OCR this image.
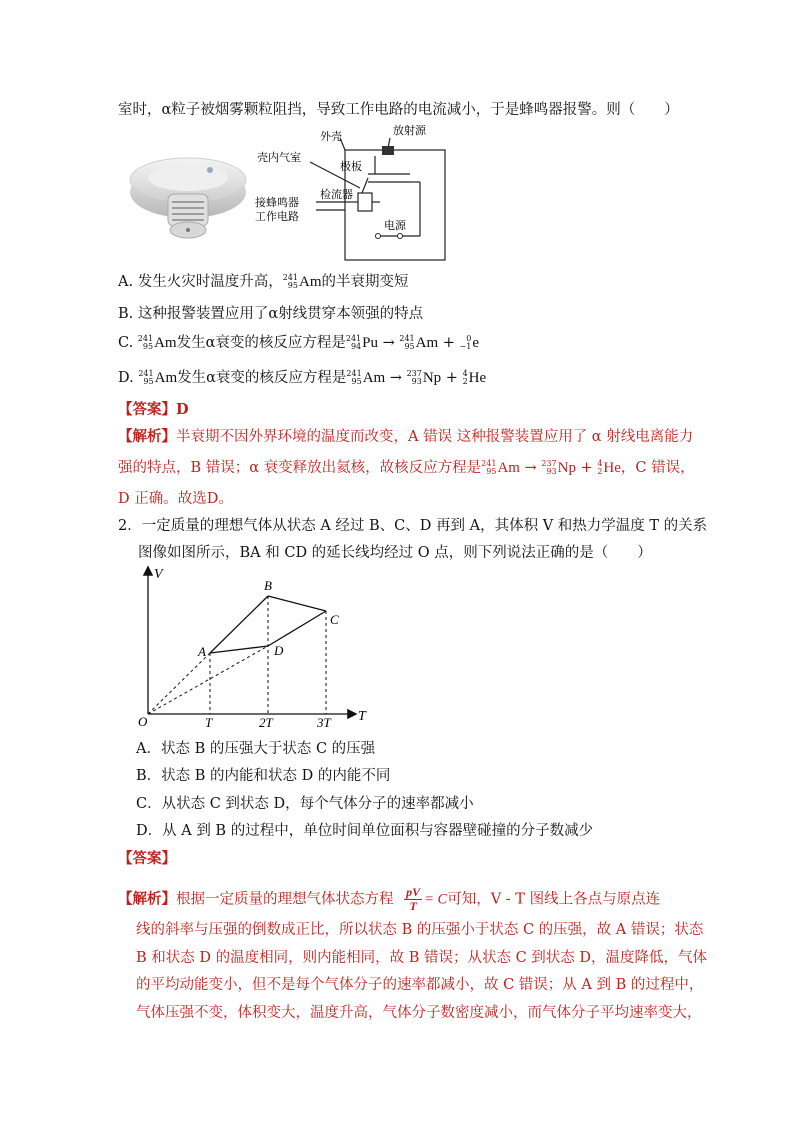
室时，α粒子被烟雾颗粒阻挡，导致工作电路的电流减小，于是蜂鸣器报警。则（　　）
外壳	放射源
壳内气室
极板
检流器
接蜂鸣器
工作电路
电源
A. 发生火灾时温度升高， 241
95 Am 的半衰期变短
B. 这种报警装置应用了α射线贯穿本领强的特点
C. 241
95 Am 发生α衰变的核反应方程是 241
94 Pu → 241
95 Am + 0
−1 e
D. 241
95 Am 发生α衰变的核反应方程是 241
95 Am → 237
93 Np + 4
2 He
【答案】D
【解析】半衰期不因外界环境的温度而改变，A 错误 这种报警装置应用了 α 射线电离能力
强的特点，B 错误；α 衰变释放出氦核，故核反应方程是 241
95 Am → 237
93 Np + 4
2 He ，C 错误，
D 正确。故选D。
2．一定质量的理想气体从状态 A 经过 B、C、D 再到 A，其体积 V 和热力学温度 T 的关系
图像如图所示，BA 和 CD 的延长线均经过 O 点，则下列说法正确的是（　　）
V
T
O	T	2T	3T
A
B
C
D
A．状态 B 的压强大于状态 C 的压强
B．状态 B 的内能和状态 D 的内能不同
C．从状态 C 到状态 D，每个气体分子的速率都减小
D．从 A 到 B 的过程中，单位时间单位面积与容器壁碰撞的分子数减少
【答案】
【解析】根据一定质量的理想气体状态方程 $\frac{pV}{T} = C$可知，V - T 图线上各点与原点连
线的斜率与压强的倒数成正比，所以状态 B 的压强小于状态 C 的压强，故 A 错误；状态
B 和状态 D 的温度相同，则内能相同，故 B 错误；从状态 C 到状态 D，温度降低，气体
的平均动能变小，但不是每个气体分子的速率都减小，故 C 错误；从 A 到 B 的过程中，
气体压强不变，体积变大，温度升高，气体分子数密度减小，而气体分子平均速率变大，
